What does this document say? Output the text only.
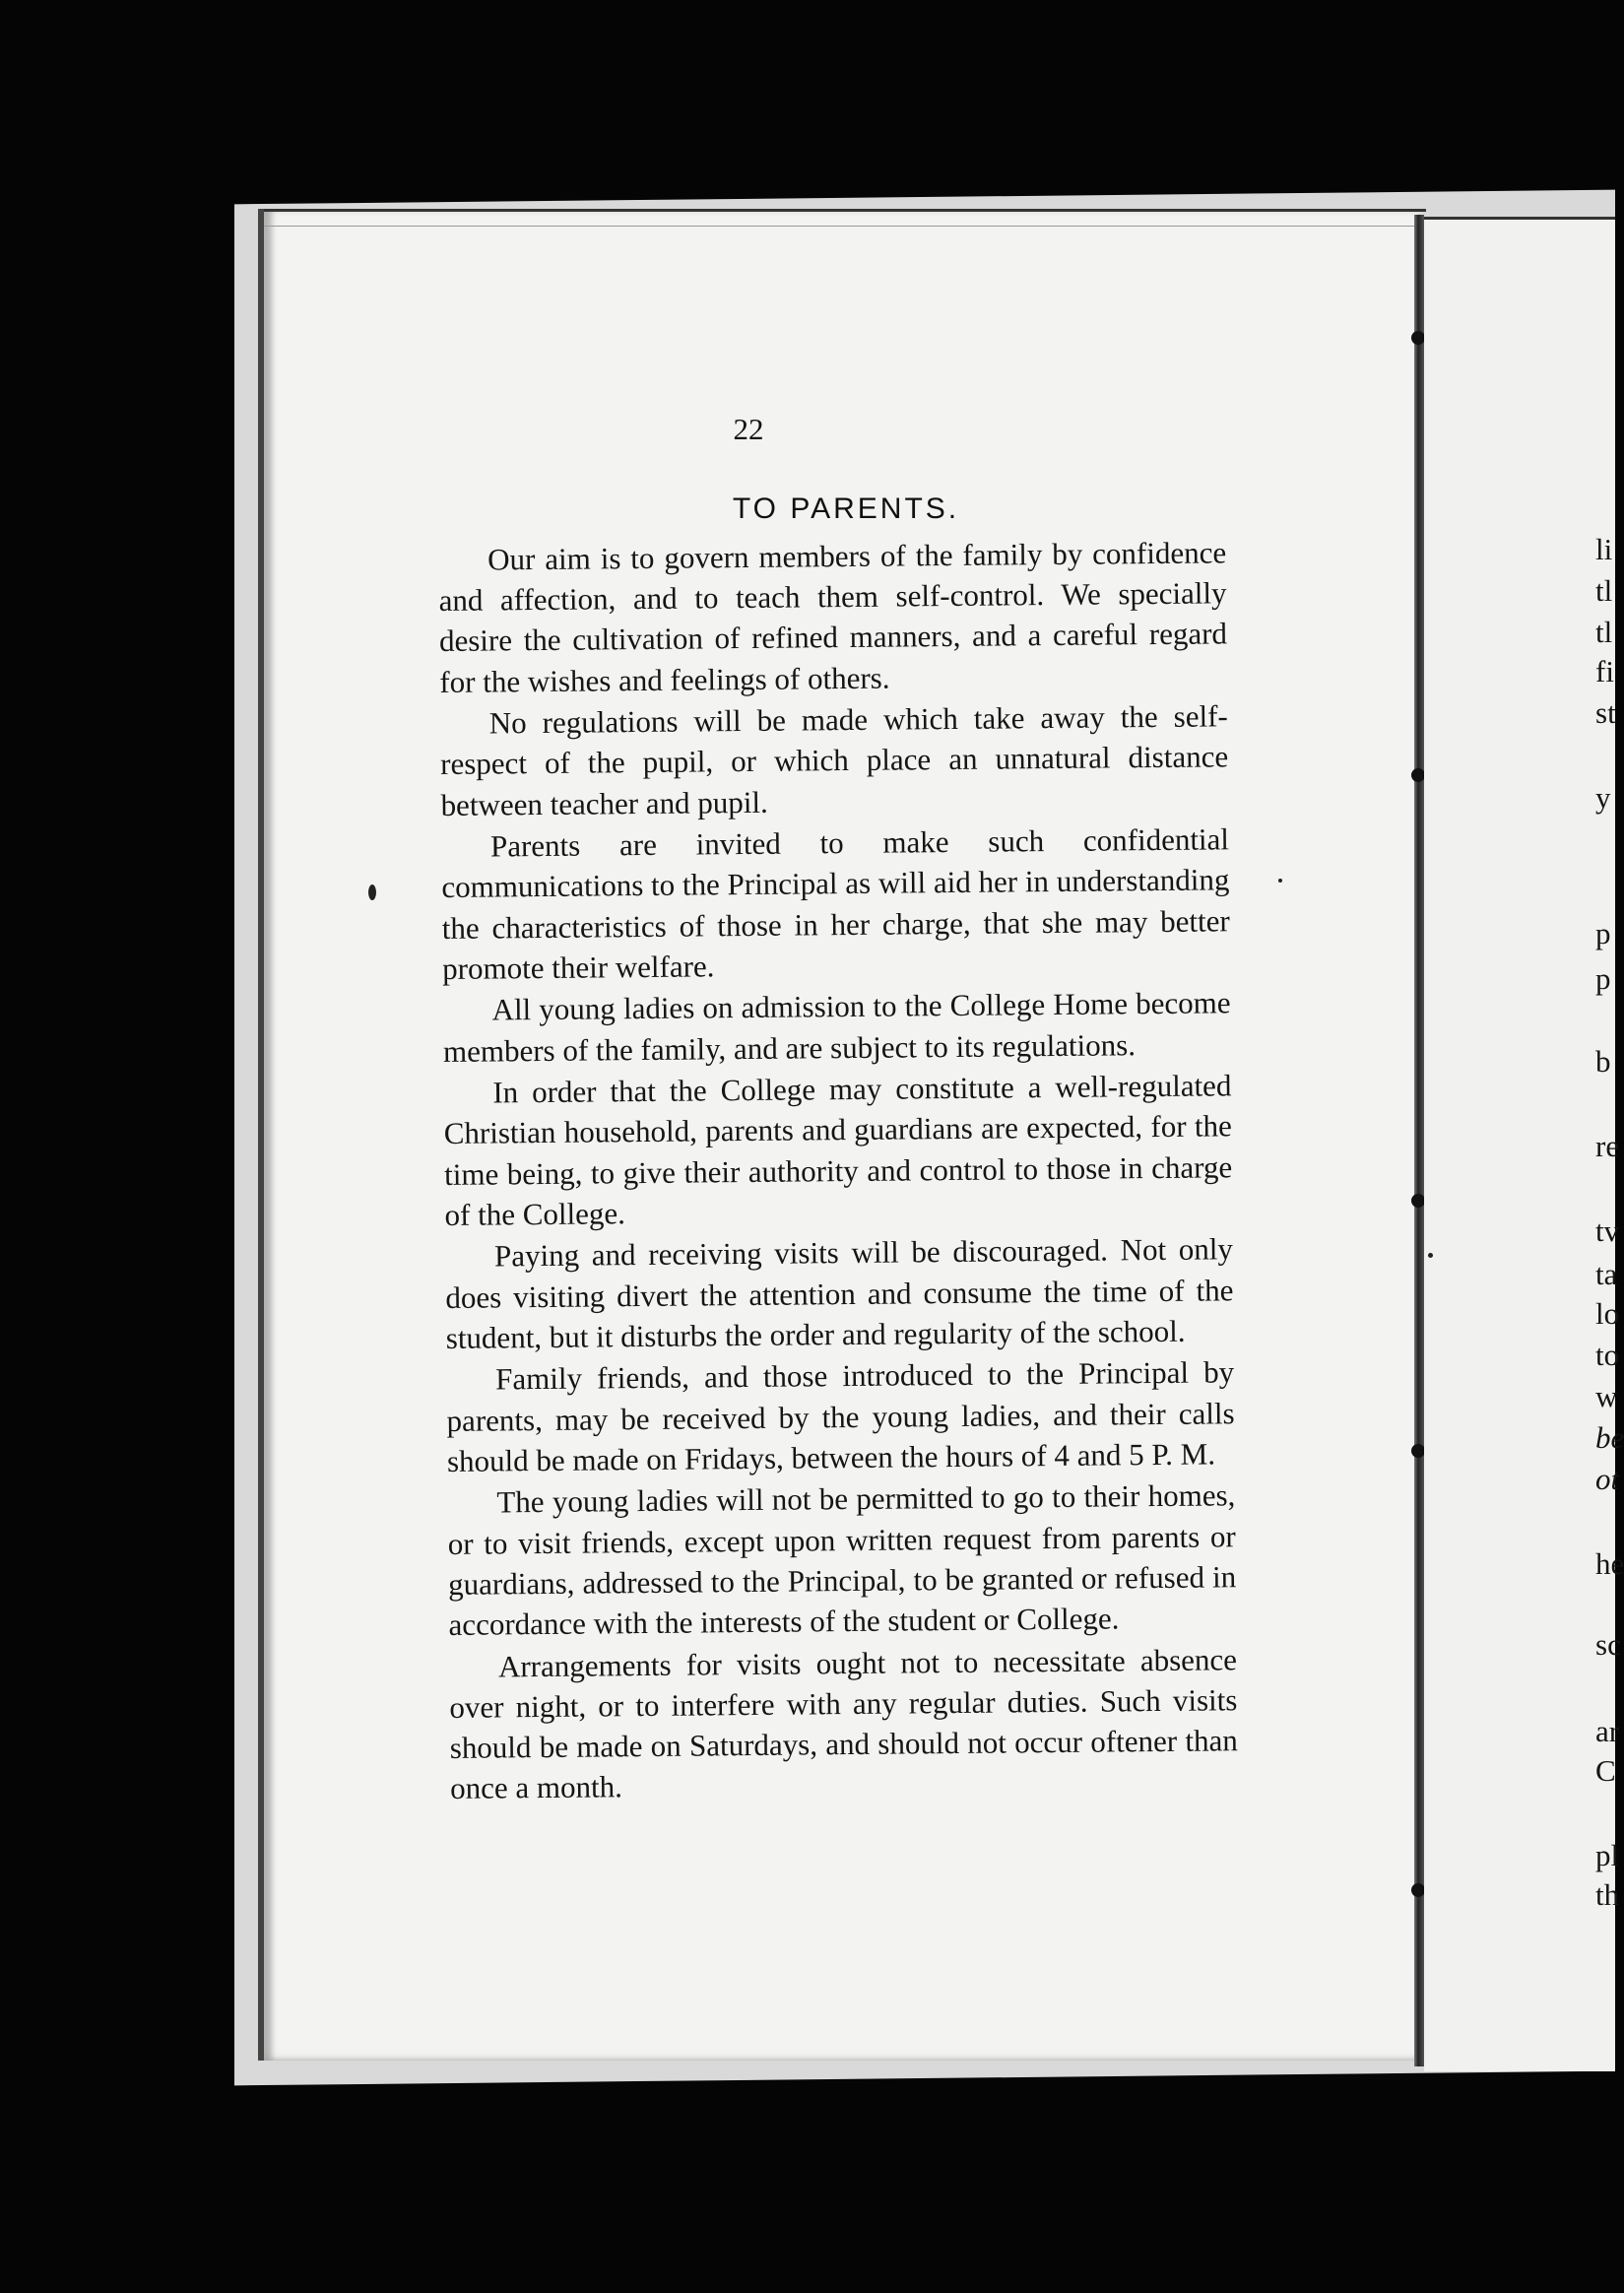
22
TO PARENTS.

Our aim is to govern members of the family by confidence and affection, and to teach them self-control. We specially desire the cultivation of refined manners, and a careful regard for the wishes and feelings of others.

No regulations will be made which take away the self-respect of the pupil, or which place an unnatural distance between teacher and pupil.

Parents are invited to make such confidential communications to the Principal as will aid her in understanding the characteristics of those in her charge, that she may better promote their welfare.

All young ladies on admission to the College Home become members of the family, and are subject to its regulations.

In order that the College may constitute a well-regulated Christian household, parents and guardians are expected, for the time being, to give their authority and control to those in charge of the College.

Paying and receiving visits will be discouraged. Not only does visiting divert the attention and consume the time of the student, but it disturbs the order and regularity of the school.

Family friends, and those introduced to the Principal by parents, may be received by the young ladies, and their calls should be made on Fridays, between the hours of 4 and 5 P. M.

The young ladies will not be permitted to go to their homes, or to visit friends, except upon written request from parents or guardians, addressed to the Principal, to be granted or refused in accordance with the interests of the student or College.

Arrangements for visits ought not to necessitate absence over night, or to interfere with any regular duties. Such visits should be made on Saturdays, and should not occur oftener than once a month.

li
tl
tl
fi
st
y
p
p
b
re
tv
ta
lo
to
w
be
ot
he
sc
ar
C
pl
th
